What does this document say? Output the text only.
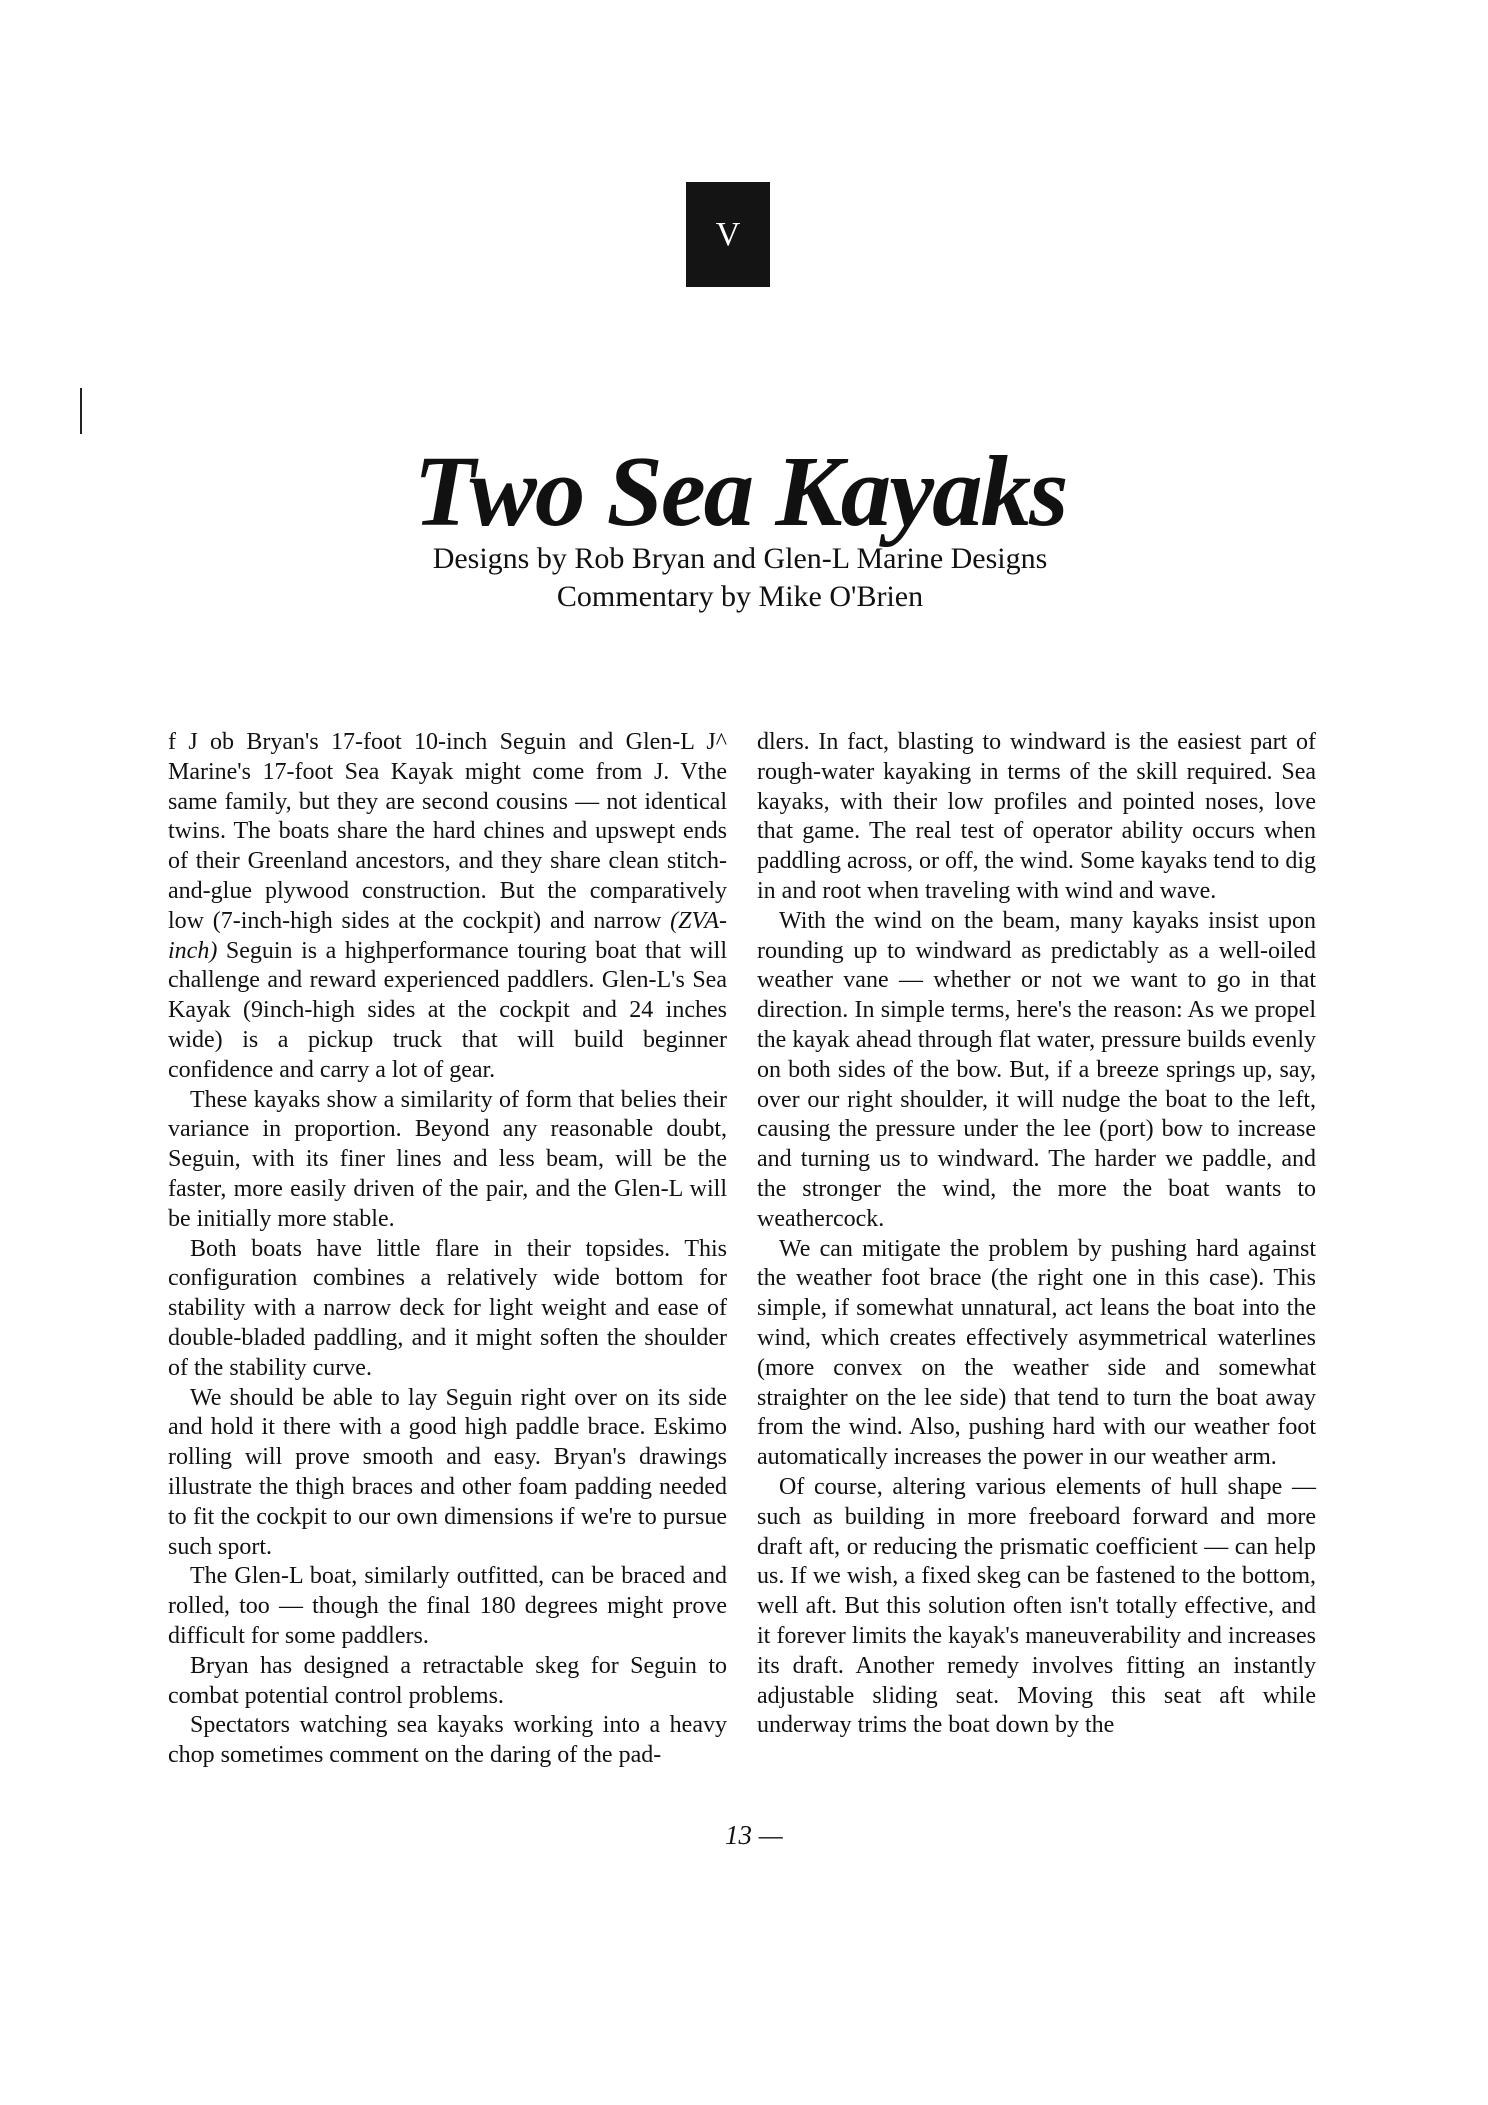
V
Two Sea Kayaks
Designs by Rob Bryan and Glen-L Marine Designs
Commentary by Mike O'Brien

f J ob Bryan's 17-foot 10-inch Seguin and Glen-L J^ Marine's 17-foot Sea Kayak might come from J. Vthe same family, but they are second cousins — not identical twins. The boats share the hard chines and upswept ends of their Greenland ancestors, and they share clean stitch-and-glue plywood construction. But the comparatively low (7-inch-high sides at the cockpit) and narrow (ZVA-inch) Seguin is a highperformance touring boat that will challenge and reward experienced paddlers. Glen-L's Sea Kayak (9inch-high sides at the cockpit and 24 inches wide) is a pickup truck that will build beginner confidence and carry a lot of gear.

These kayaks show a similarity of form that belies their variance in proportion. Beyond any reasonable doubt, Seguin, with its finer lines and less beam, will be the faster, more easily driven of the pair, and the Glen-L will be initially more stable.

Both boats have little flare in their topsides. This configuration combines a relatively wide bottom for stability with a narrow deck for light weight and ease of double-bladed paddling, and it might soften the shoulder of the stability curve.

We should be able to lay Seguin right over on its side and hold it there with a good high paddle brace. Eskimo rolling will prove smooth and easy. Bryan's drawings illustrate the thigh braces and other foam padding needed to fit the cockpit to our own dimensions if we're to pursue such sport.

The Glen-L boat, similarly outfitted, can be braced and rolled, too — though the final 180 degrees might prove difficult for some paddlers.

Bryan has designed a retractable skeg for Seguin to combat potential control problems.

Spectators watching sea kayaks working into a heavy chop sometimes comment on the daring of the pad-

dlers. In fact, blasting to windward is the easiest part of rough-water kayaking in terms of the skill required. Sea kayaks, with their low profiles and pointed noses, love that game. The real test of operator ability occurs when paddling across, or off, the wind. Some kayaks tend to dig in and root when traveling with wind and wave.

With the wind on the beam, many kayaks insist upon rounding up to windward as predictably as a well-oiled weather vane — whether or not we want to go in that direction. In simple terms, here's the reason: As we propel the kayak ahead through flat water, pressure builds evenly on both sides of the bow. But, if a breeze springs up, say, over our right shoulder, it will nudge the boat to the left, causing the pressure under the lee (port) bow to increase and turning us to windward. The harder we paddle, and the stronger the wind, the more the boat wants to weathercock.

We can mitigate the problem by pushing hard against the weather foot brace (the right one in this case). This simple, if somewhat unnatural, act leans the boat into the wind, which creates effectively asymmetrical waterlines (more convex on the weather side and somewhat straighter on the lee side) that tend to turn the boat away from the wind. Also, pushing hard with our weather foot automatically increases the power in our weather arm.

Of course, altering various elements of hull shape — such as building in more freeboard forward and more draft aft, or reducing the prismatic coefficient — can help us. If we wish, a fixed skeg can be fastened to the bottom, well aft. But this solution often isn't totally effective, and it forever limits the kayak's maneuverability and increases its draft. Another remedy involves fitting an instantly adjustable sliding seat. Moving this seat aft while underway trims the boat down by the

13 —
